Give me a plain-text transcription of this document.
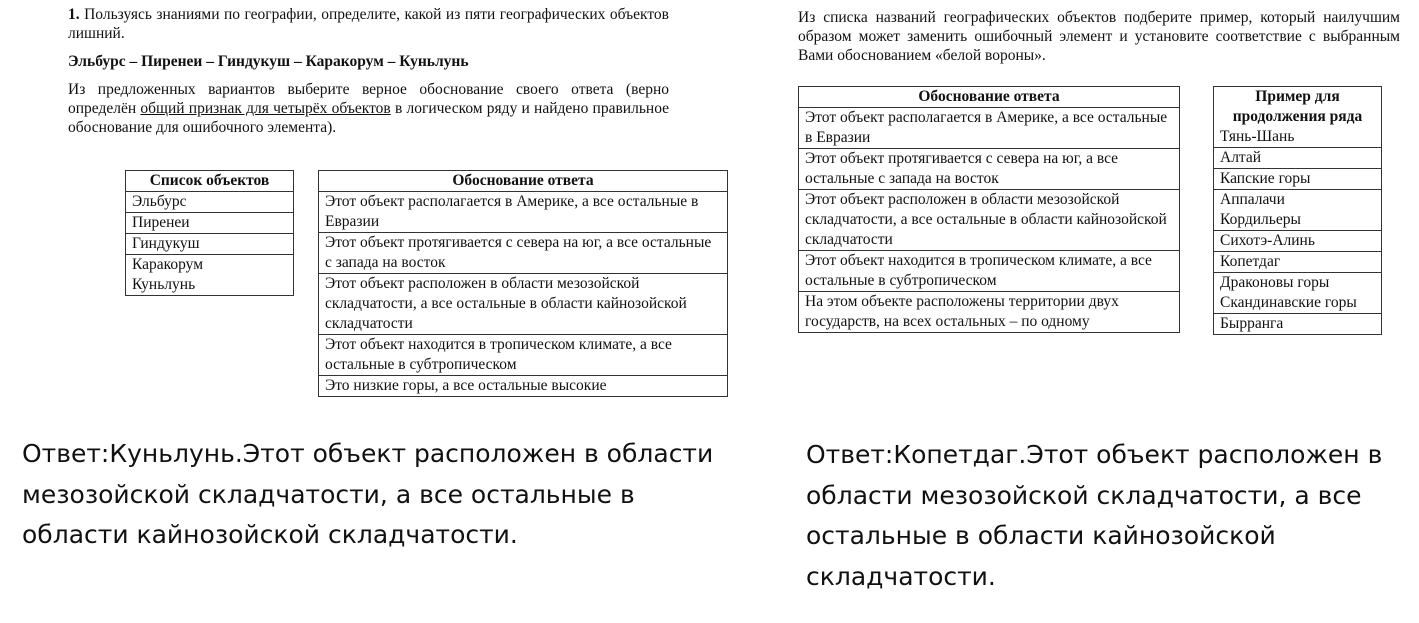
1. Пользуясь знаниями по географии, определите, какой из пяти географических объектов лишний.
Эльбурс – Пиренеи – Гиндукуш – Каракорум – Куньлунь
Из предложенных вариантов выберите верное обоснование своего ответа (верно определён общий признак для четырёх объектов в логическом ряду и найдено правильное обоснование для ошибочного элемента).
Список объектов
Эльбурс
Пиренеи
Гиндукуш
Каракорум
Куньлунь
Обоснование ответа
Этот объект располагается в Америке, а все остальные в Евразии
Этот объект протягивается с севера на юг, а все остальные с запада на восток
Этот объект расположен в области мезозойской складчатости, а все остальные в области кайнозойской складчатости
Этот объект находится в тропическом климате, а все остальные в субтропическом
Это низкие горы, а все остальные высокие
Ответ:Куньлунь.Этот объект расположен в области мезозойской складчатости, а все остальные в области кайнозойской складчатости.
Из списка названий географических объектов подберите пример, который наилучшим образом может заменить ошибочный элемент и установите соответствие с выбранным Вами обоснованием «белой вороны».
Обоснование ответа
Этот объект располагается в Америке, а все остальные в Евразии
Этот объект протягивается с севера на юг, а все остальные с запада на восток
Этот объект расположен в области мезозойской складчатости, а все остальные в области кайнозойской складчатости
Этот объект находится в тропическом климате, а все остальные в субтропическом
На этом объекте расположены территории двух государств, на всех остальных – по одному
Пример для продолжения ряда
Тянь-Шань
Алтай
Капские горы
Аппалачи
Кордильеры
Сихотэ-Алинь
Копетдаг
Драконовы горы
Скандинавские горы
Бырранга
Ответ:Копетдаг.Этот объект расположен в области мезозойской складчатости, а все остальные в области кайнозойской складчатости.
